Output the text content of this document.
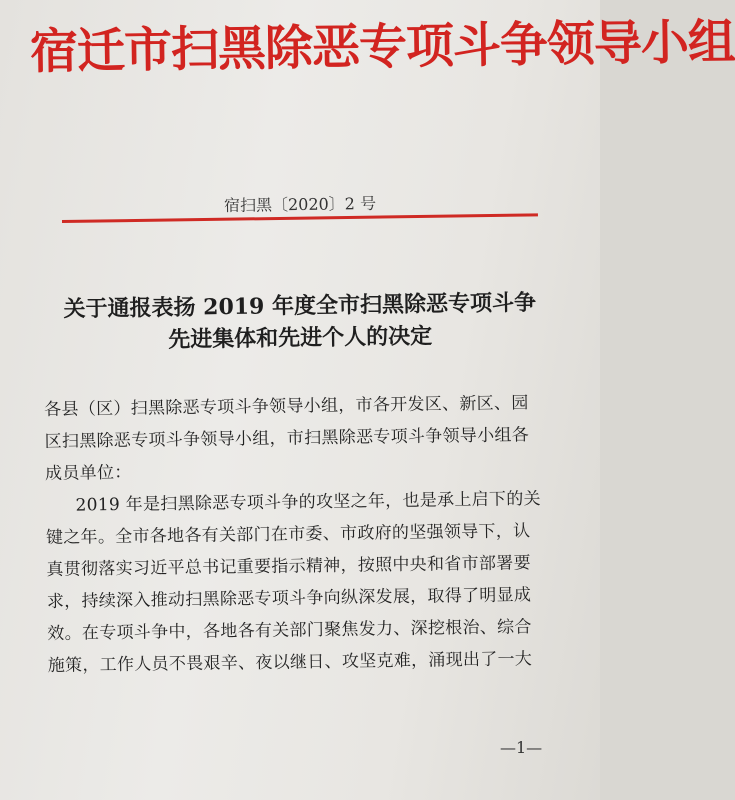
宿迁市扫黑除恶专项斗争领导小组
宿扫黑〔2020〕2 号
关于通报表扬 2019 年度全市扫黑除恶专项斗争
先进集体和先进个人的决定
各县（区）扫黑除恶专项斗争领导小组，市各开发区、新区、园
区扫黑除恶专项斗争领导小组，市扫黑除恶专项斗争领导小组各
成员单位：
2019 年是扫黑除恶专项斗争的攻坚之年，也是承上启下的关
键之年。全市各地各有关部门在市委、市政府的坚强领导下，认
真贯彻落实习近平总书记重要指示精神，按照中央和省市部署要
求，持续深入推动扫黑除恶专项斗争向纵深发展，取得了明显成
效。在专项斗争中，各地各有关部门聚焦发力、深挖根治、综合
施策，工作人员不畏艰辛、夜以继日、攻坚克难，涌现出了一大
—1—
